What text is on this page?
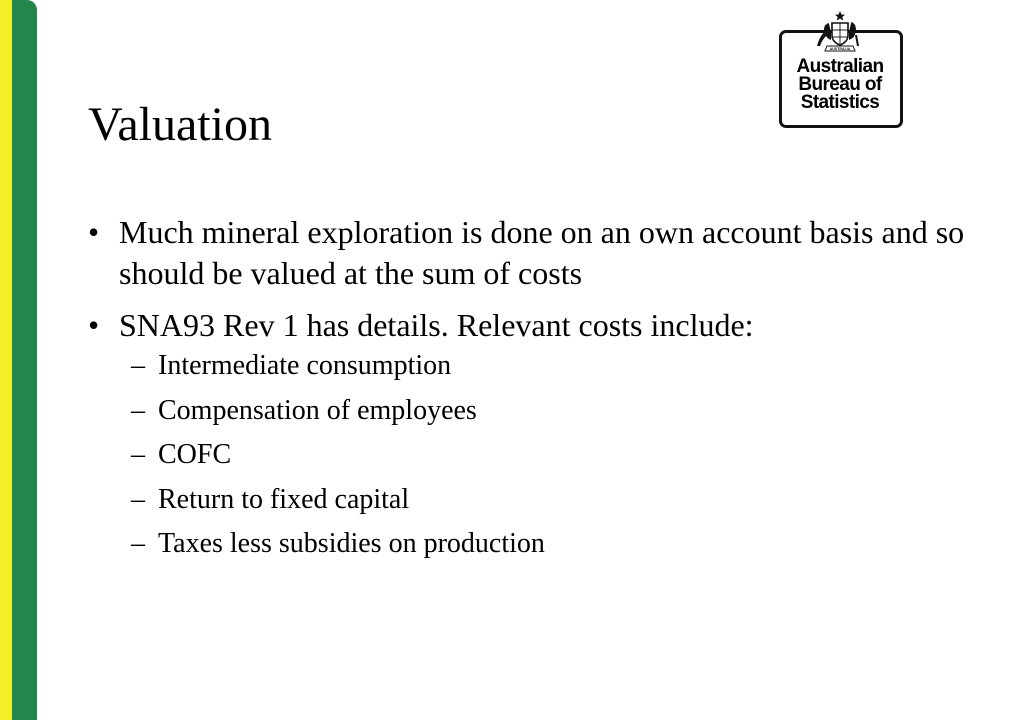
Valuation
AUSTRALIA
Australian
Bureau of
Statistics
• Much mineral exploration is done on an own account basis and so should be valued at the sum of costs
• SNA93 Rev 1 has details. Relevant costs include:
– Intermediate consumption
– Compensation of employees
– COFC
– Return to fixed capital
– Taxes less subsidies on production
